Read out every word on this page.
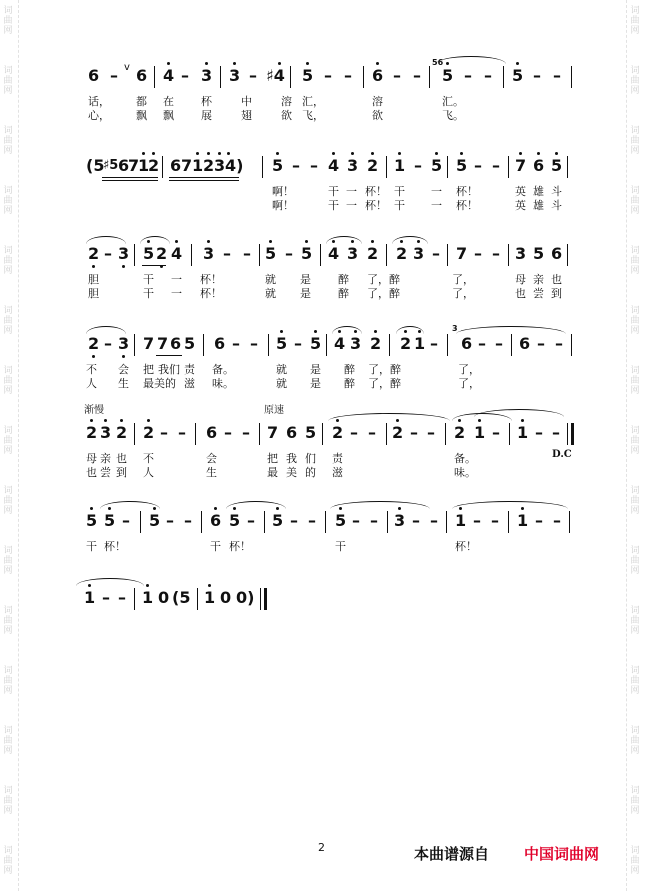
词
曲
网
词
曲
网
词
曲
网
词
曲
网
词
曲
网
词
曲
网
词
曲
网
词
曲
网
词
曲
网
词
曲
网
词
曲
网
词
曲
网
词
曲
网
词
曲
网
词
曲
网
词
曲
网
词
曲
网
词
曲
网
词
曲
网
词
曲
网
词
曲
网
词
曲
网
词
曲
网
词
曲
网
词
曲
网
词
曲
网
词
曲
网
词
曲
网
词
曲
网
词
曲
网
6 – v 6 4 – 3 3 – ♯4 5 – – 6 – –
56
5 – – 5 – –
话， 都 在 杯	中	溶 汇，	溶	汇。
心， 飘 飘 展	翅	欲 飞，	欲	飞。
(5
♯5 6
7
1
2 6 7 1 2 3 4) 5 – – 4 3 2 1 – 5 5 – – 7 6 5
啊！	干 一 杯！ 干 一 杯！	英 雄 斗
啊！	干 一 杯！ 干 一 杯！	英 雄 斗
2 – 3 5 2 4 3 – – 5 – 5 4 3 2 2 3 – 7 – – 3 5 6
胆	干 一 杯！	就 是 醉 了，醉	了，	母 亲 也
胆	干 一 杯！	就 是 醉 了，醉	了，	也 尝 到
2 – 3 7 7 6 5 6 – – 5 – 5 4 3 2 2 1 –
3
6 – – 6 – –
不 会 把 我们 责 备。	就 是 醉 了，醉	了，
人 生 最美的 滋 味。	就 是 醉 了，醉	了，
渐慢	原速
2 3 2 2 – – 6 – – 7 6 5 2 – – 2 – – 2 1 – 1 – –
D.C
母 亲 也 不	会	把 我 们 责	备。
也 尝 到 人	生	最 美 的 滋	味。
5 5 – 5 – – 6 5 – 5 – – 5 – – 3 – – 1 – – 1 – –
干 杯！	干 杯！	干	杯！
1 – – 1 0 (5 1 0 0)
2	本曲谱源自 中国词曲网
